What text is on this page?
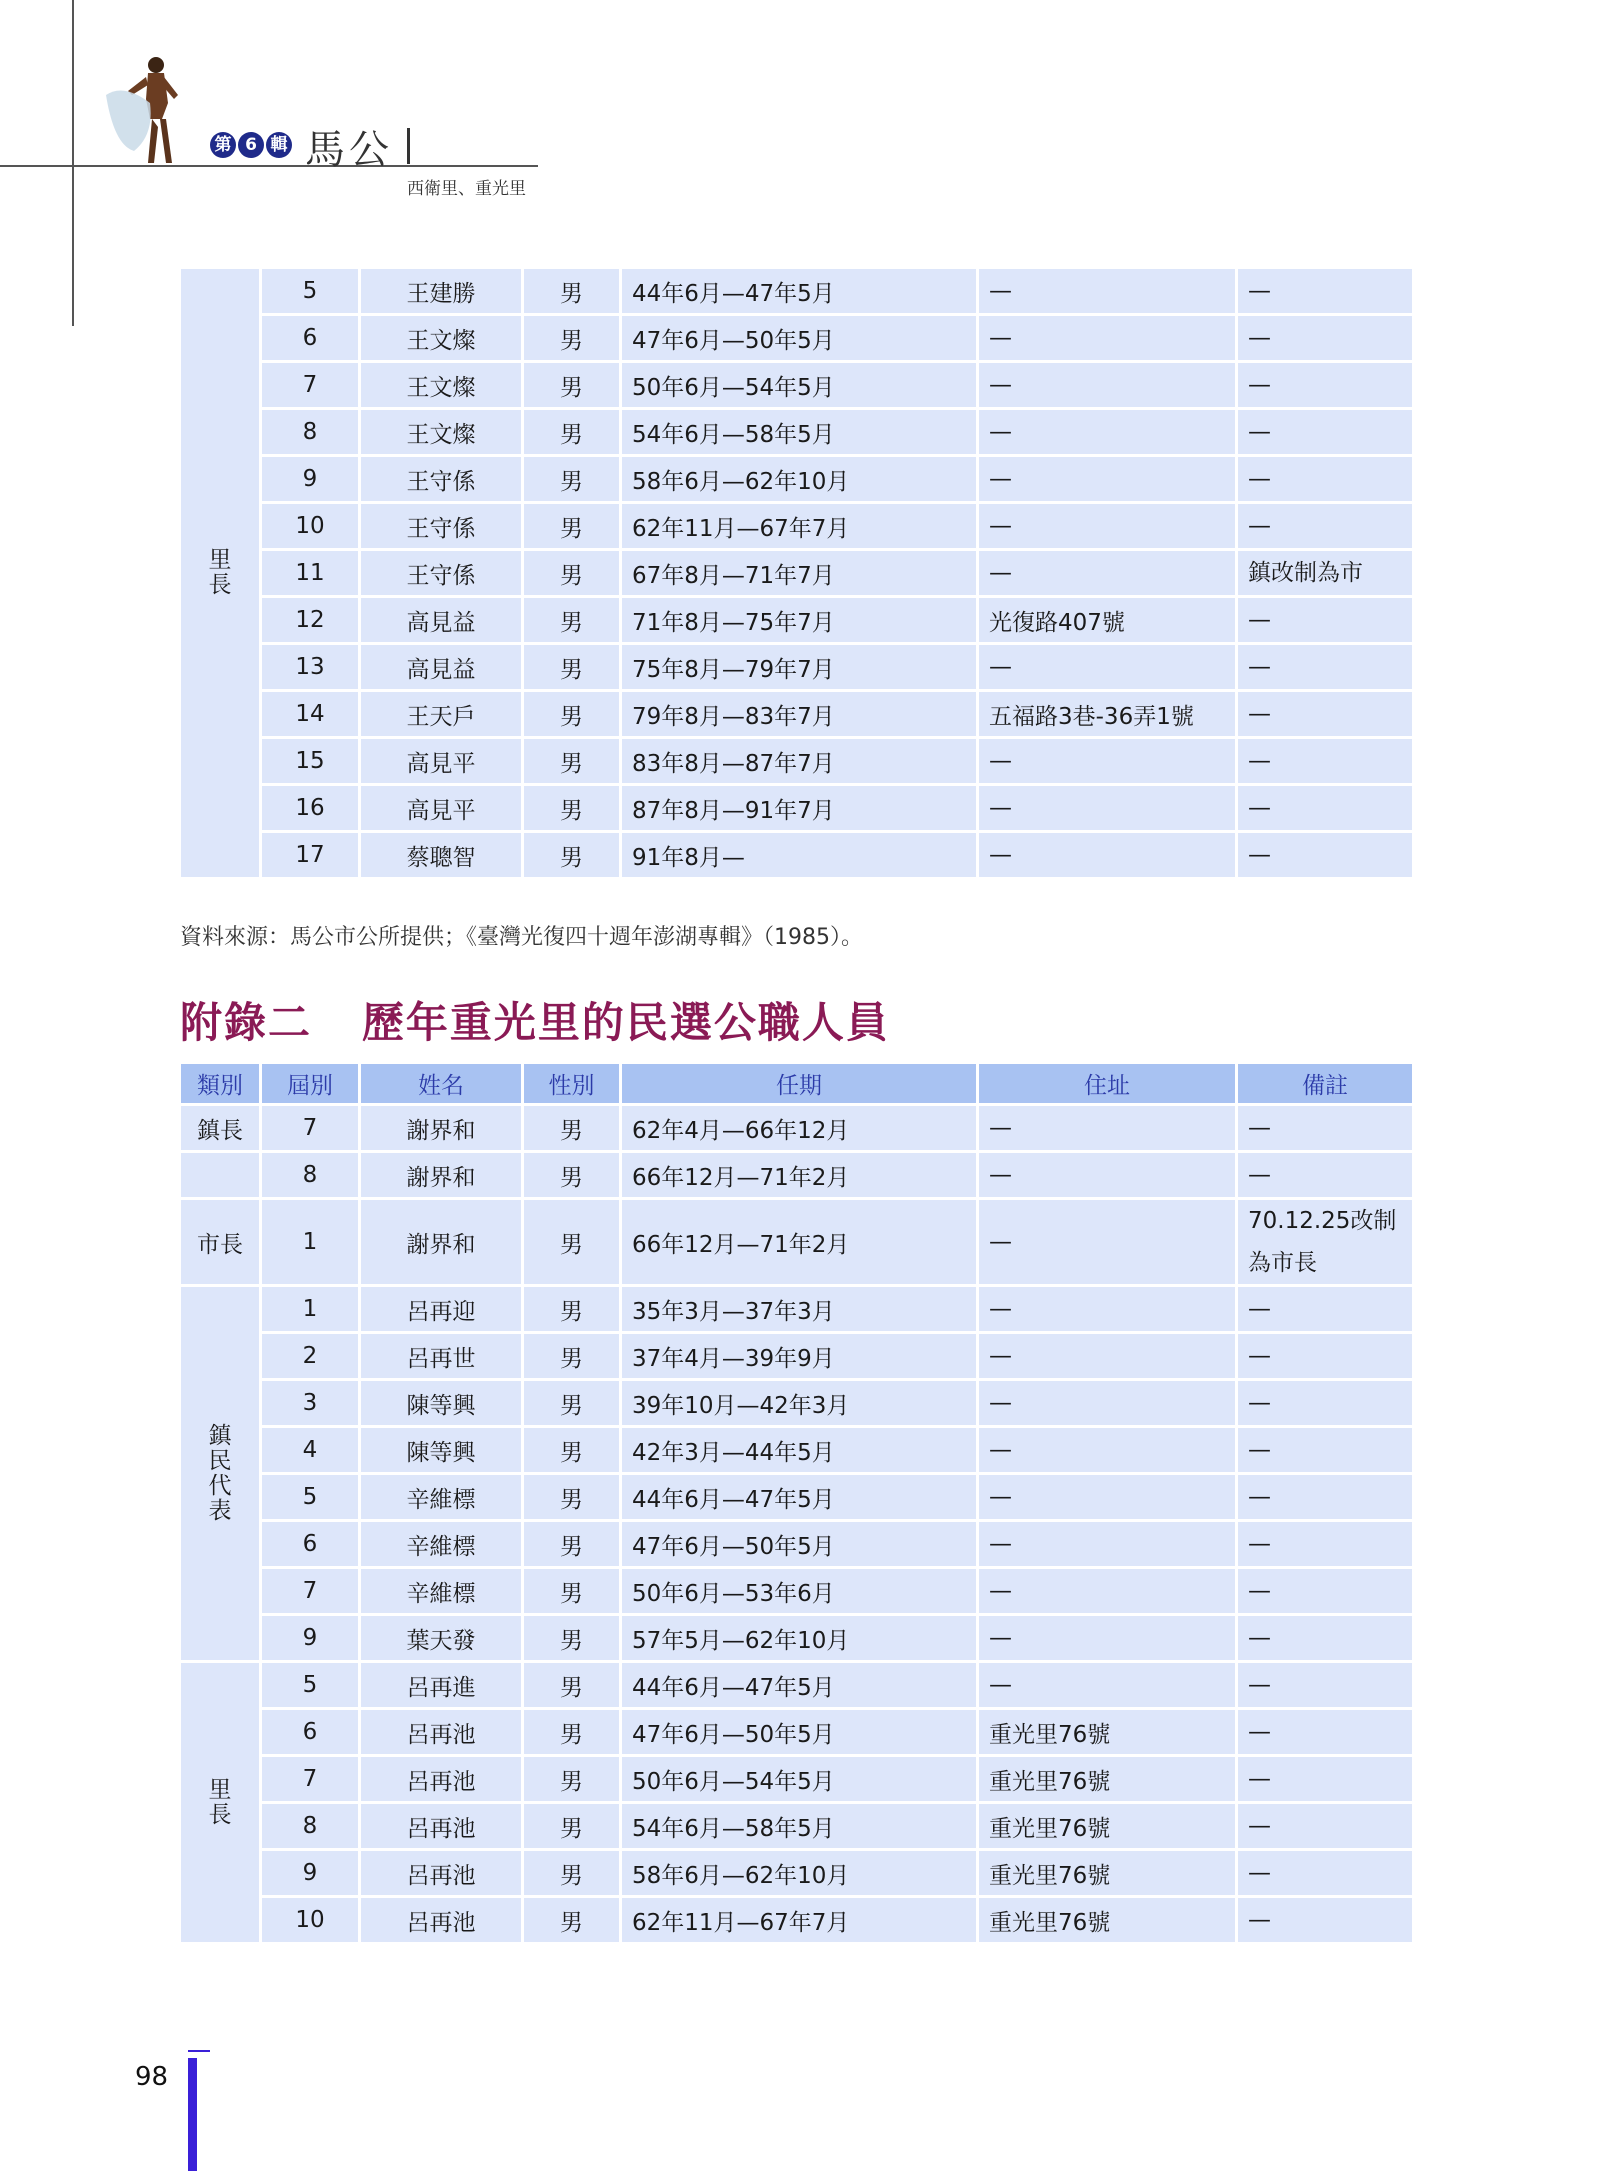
第 6 輯 馬公
西衛里、重光里
里長	5	王建勝	男	44年6月—47年5月	—	—
	6	王文燦	男	47年6月—50年5月	—	—
	7	王文燦	男	50年6月—54年5月	—	—
	8	王文燦	男	54年6月—58年5月	—	—
	9	王守係	男	58年6月—62年10月	—	—
	10	王守係	男	62年11月—67年7月	—	—
	11	王守係	男	67年8月—71年7月	—	鎮改制為市
	12	高見益	男	71年8月—75年7月	光復路407號	—
	13	高見益	男	75年8月—79年7月	—	—
	14	王天戶	男	79年8月—83年7月	五福路3巷-36弄1號	—
	15	高見平	男	83年8月—87年7月	—	—
	16	高見平	男	87年8月—91年7月	—	—
	17	蔡聰智	男	91年8月—	—	—
資料來源：馬公市公所提供；《臺灣光復四十週年澎湖專輯》（1985）。
附錄二 歷年重光里的民選公職人員
類別	屆別	姓名	性別	任期	住址	備註
鎮長	7	謝界和	男	62年4月—66年12月	—	—
	8	謝界和	男	66年12月—71年2月	—	—
市長	1	謝界和	男	66年12月—71年2月	—	70.12.25改制為市長
鎮民代表	1	呂再迎	男	35年3月—37年3月	—	—
	2	呂再世	男	37年4月—39年9月	—	—
	3	陳等興	男	39年10月—42年3月	—	—
	4	陳等興	男	42年3月—44年5月	—	—
	5	辛維標	男	44年6月—47年5月	—	—
	6	辛維標	男	47年6月—50年5月	—	—
	7	辛維標	男	50年6月—53年6月	—	—
	9	葉天發	男	57年5月—62年10月	—	—
里長	5	呂再進	男	44年6月—47年5月	—	—
	6	呂再池	男	47年6月—50年5月	重光里76號	—
	7	呂再池	男	50年6月—54年5月	重光里76號	—
	8	呂再池	男	54年6月—58年5月	重光里76號	—
	9	呂再池	男	58年6月—62年10月	重光里76號	—
	10	呂再池	男	62年11月—67年7月	重光里76號	—
98
